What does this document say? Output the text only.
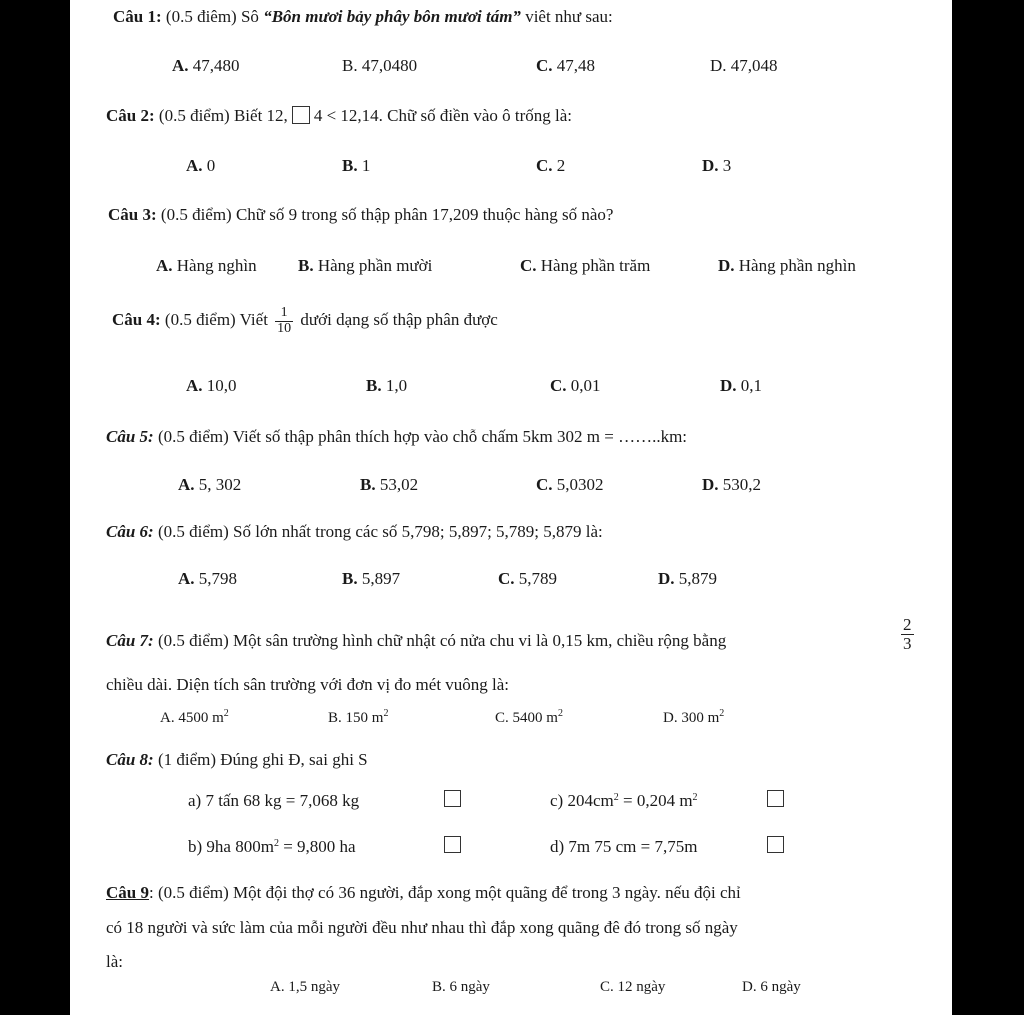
Câu 1: (0.5 điêm) Sô “Bôn mươi bảy phây bôn mươi tám” viêt như sau:
A. 47,480	B. 47,0480	C. 47,48	D. 47,048
Câu 2: (0.5 điểm) Biết 12, 4 < 12,14. Chữ số điền vào ô trống là:
A. 0	B. 1	C. 2	D. 3
Câu 3: (0.5 điểm) Chữ số 9 trong số thập phân 17,209 thuộc hàng số nào?
A. Hàng nghìn B. Hàng phần mười	C. Hàng phần trăm	D. Hàng phần nghìn
Câu 4: (0.5 điểm) Viết $\frac{1}{10}$ dưới dạng số thập phân được
A. 10,0	B. 1,0	C. 0,01	D. 0,1
Câu 5: (0.5 điểm) Viết số thập phân thích hợp vào chỗ chấm 5km 302 m = ……..km:
A. 5, 302	B. 53,02	C. 5,0302	D. 530,2
Câu 6: (0.5 điểm) Số lớn nhất trong các số 5,798; 5,897; 5,789; 5,879 là:
A. 5,798	B. 5,897	C. 5,789	D. 5,879
Câu 7: (0.5 điểm) Một sân trường hình chữ nhật có nửa chu vi là 0,15 km, chiều rộng bằng	$\frac{2}{3}$
chiều dài. Diện tích sân trường với đơn vị đo mét vuông là:
A. 4500 $m^2$	B. 150 $m^2$	C. 5400 $m^2$	D. 300 $m^2$
Câu 8: (1 điểm) Đúng ghi Đ, sai ghi S
a) 7 tấn 68 kg = 7,068 kg	c) $204cm^2 = 0,204$ $m^2$
b) 9ha $800m^2 = 9,800$ ha	d) 7m 75 cm = 7,75m
Câu 9: (0.5 điểm) Một đội thợ có 36 người, đắp xong một quãng để trong 3 ngày. nếu đội chỉ
có 18 người và sức làm của mỗi người đều như nhau thì đắp xong quãng đê đó trong số ngày
là:
A. 1,5 ngày	B. 6 ngày	C. 12 ngày	D. 6 ngày
